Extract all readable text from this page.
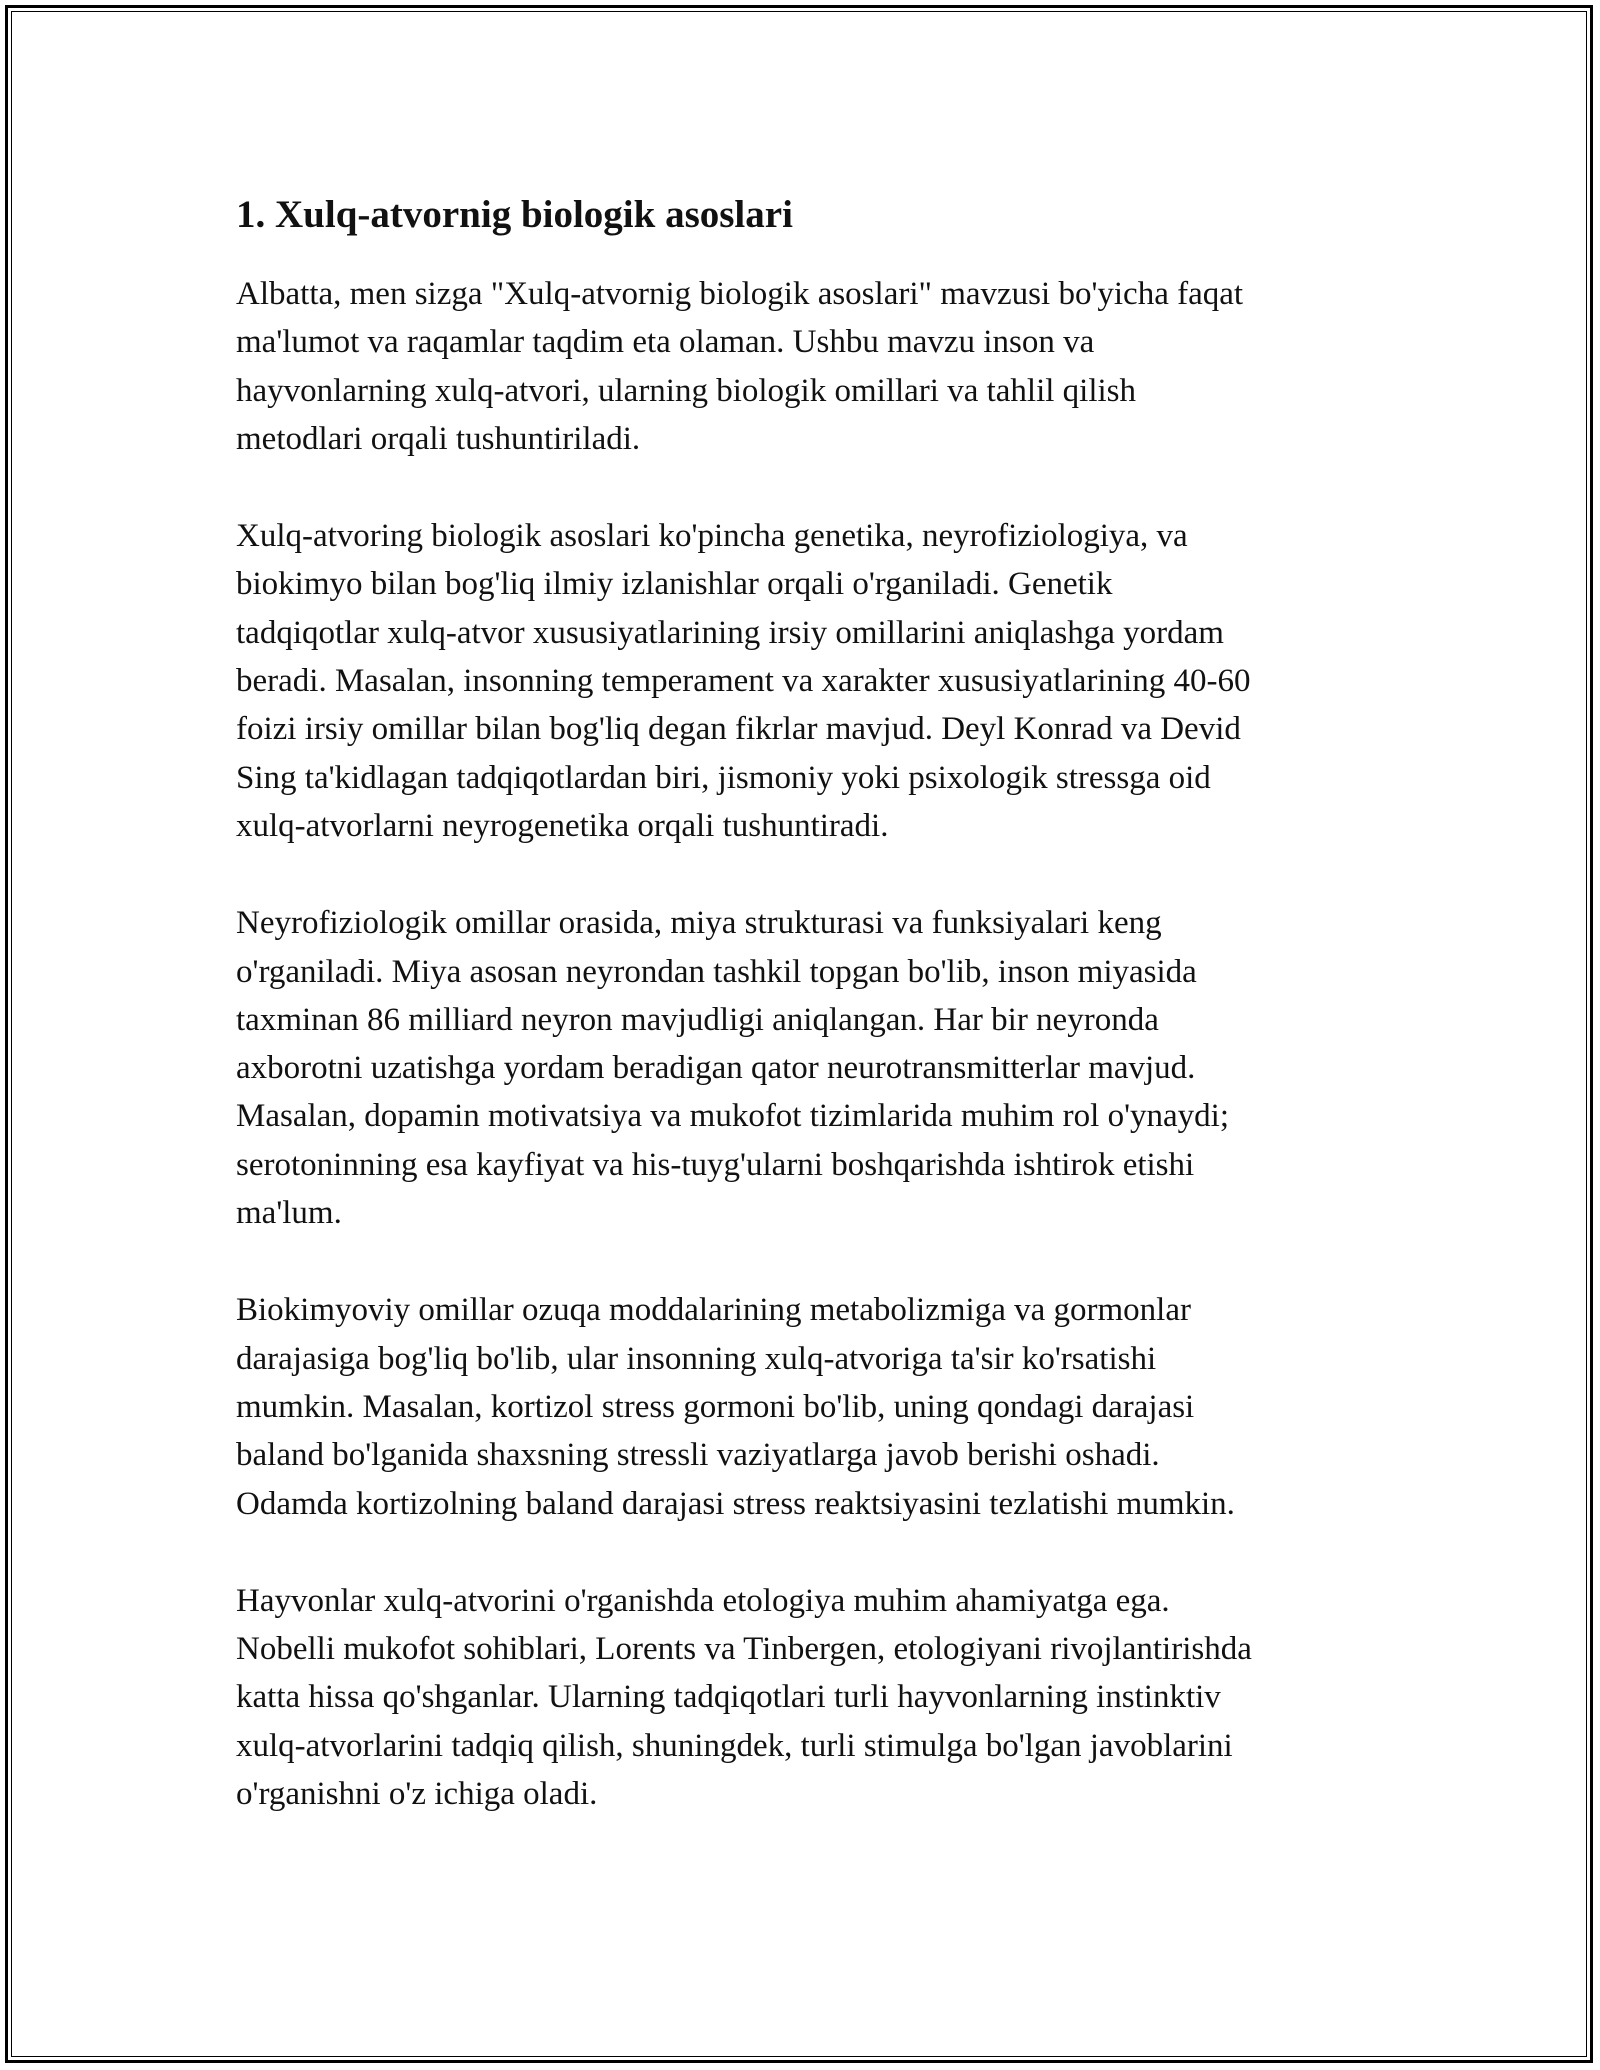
1. Xulq-atvornig biologik asoslari

Albatta, men sizga "Xulq-atvornig biologik asoslari" mavzusi bo'yicha faqat
ma'lumot va raqamlar taqdim eta olaman. Ushbu mavzu inson va
hayvonlarning xulq-atvori, ularning biologik omillari va tahlil qilish
metodlari orqali tushuntiriladi.

Xulq-atvoring biologik asoslari ko'pincha genetika, neyrofiziologiya, va
biokimyo bilan bog'liq ilmiy izlanishlar orqali o'rganiladi. Genetik
tadqiqotlar xulq-atvor xususiyatlarining irsiy omillarini aniqlashga yordam
beradi. Masalan, insonning temperament va xarakter xususiyatlarining 40-60
foizi irsiy omillar bilan bog'liq degan fikrlar mavjud. Deyl Konrad va Devid
Sing ta'kidlagan tadqiqotlardan biri, jismoniy yoki psixologik stressga oid
xulq-atvorlarni neyrogenetika orqali tushuntiradi.

Neyrofiziologik omillar orasida, miya strukturasi va funksiyalari keng
o'rganiladi. Miya asosan neyrondan tashkil topgan bo'lib, inson miyasida
taxminan 86 milliard neyron mavjudligi aniqlangan. Har bir neyronda
axborotni uzatishga yordam beradigan qator neurotransmitterlar mavjud.
Masalan, dopamin motivatsiya va mukofot tizimlarida muhim rol o'ynaydi;
serotoninning esa kayfiyat va his-tuyg'ularni boshqarishda ishtirok etishi
ma'lum.

Biokimyoviy omillar ozuqa moddalarining metabolizmiga va gormonlar
darajasiga bog'liq bo'lib, ular insonning xulq-atvoriga ta'sir ko'rsatishi
mumkin. Masalan, kortizol stress gormoni bo'lib, uning qondagi darajasi
baland bo'lganida shaxsning stressli vaziyatlarga javob berishi oshadi.
Odamda kortizolning baland darajasi stress reaktsiyasini tezlatishi mumkin.

Hayvonlar xulq-atvorini o'rganishda etologiya muhim ahamiyatga ega.
Nobelli mukofot sohiblari, Lorents va Tinbergen, etologiyani rivojlantirishda
katta hissa qo'shganlar. Ularning tadqiqotlari turli hayvonlarning instinktiv
xulq-atvorlarini tadqiq qilish, shuningdek, turli stimulga bo'lgan javoblarini
o'rganishni o'z ichiga oladi.
